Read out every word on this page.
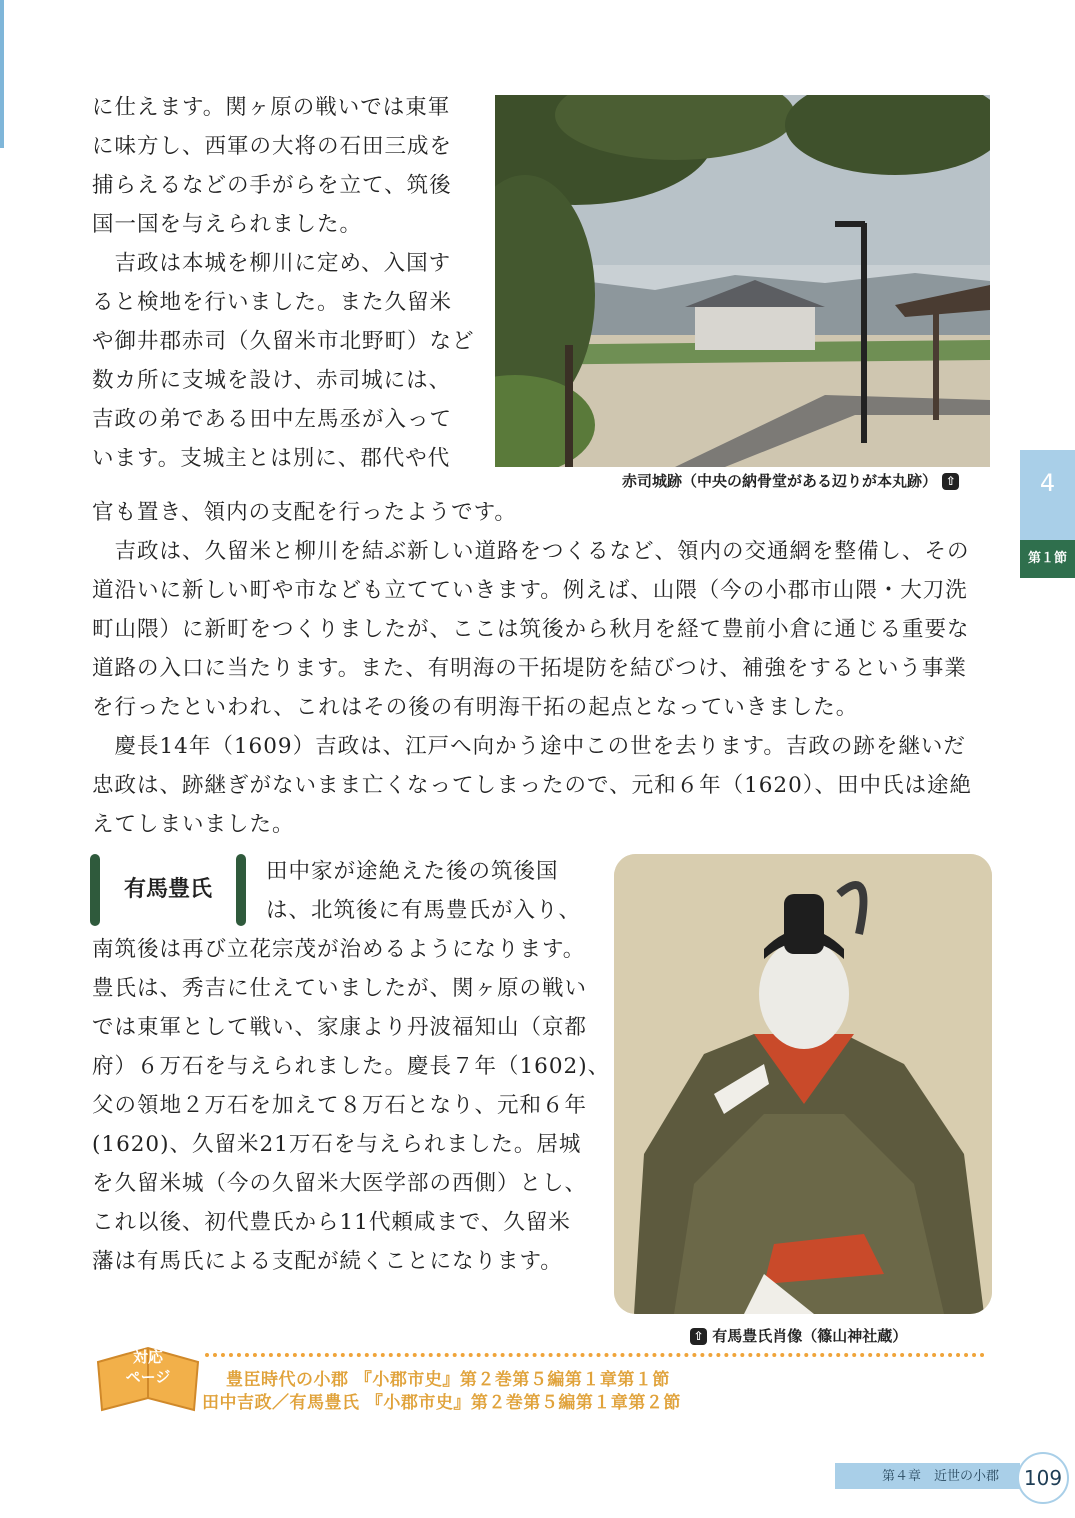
に仕えます。関ヶ原の戦いでは東軍
に味方し、西軍の大将の石田三成を
捕らえるなどの手がらを立て、筑後
国一国を与えられました。
　吉政は本城を柳川に定め、入国す
ると検地を行いました。また久留米
や御井郡赤司（久留米市北野町）など
数カ所に支城を設け、赤司城には、
吉政の弟である田中左馬丞が入って
います。支城主とは別に、郡代や代
赤司城跡（中央の納骨堂がある辺りが本丸跡） ⇧	4
第１節
官も置き、領内の支配を行ったようです。
　吉政は、久留米と柳川を結ぶ新しい道路をつくるなど、領内の交通網を整備し、その
道沿いに新しい町や市なども立てていきます。例えば、山隈（今の小郡市山隈・大刀洗
町山隈）に新町をつくりましたが、ここは筑後から秋月を経て豊前小倉に通じる重要な
道路の入口に当たります。また、有明海の干拓堤防を結びつけ、補強をするという事業
を行ったといわれ、これはその後の有明海干拓の起点となっていきました。
　慶長14年（1609）吉政は、江戸へ向かう途中この世を去ります。吉政の跡を継いだ
忠政は、跡継ぎがないまま亡くなってしまったので、元和６年（1620）、田中氏は途絶
えてしまいました。
有馬豊氏
田中家が途絶えた後の筑後国
は、北筑後に有馬豊氏が入り、
南筑後は再び立花宗茂が治めるようになります。
豊氏は、秀吉に仕えていましたが、関ヶ原の戦い
では東軍として戦い、家康より丹波福知山（京都
府）６万石を与えられました。慶長７年（1602)、
父の領地２万石を加えて８万石となり、元和６年
(1620)、久留米21万石を与えられました。居城
を久留米城（今の久留米大医学部の西側）とし、
これ以後、初代豊氏から11代頼咸まで、久留米
藩は有馬氏による支配が続くことになります。
⇧ 有馬豊氏肖像（篠山神社蔵）
対応
ページ	豊臣時代の小郡 『小郡市史』第２巻第５編第１章第１節
田中吉政／有馬豊氏 『小郡市史』第２巻第５編第１章第２節
第４章　近世の小郡	109
